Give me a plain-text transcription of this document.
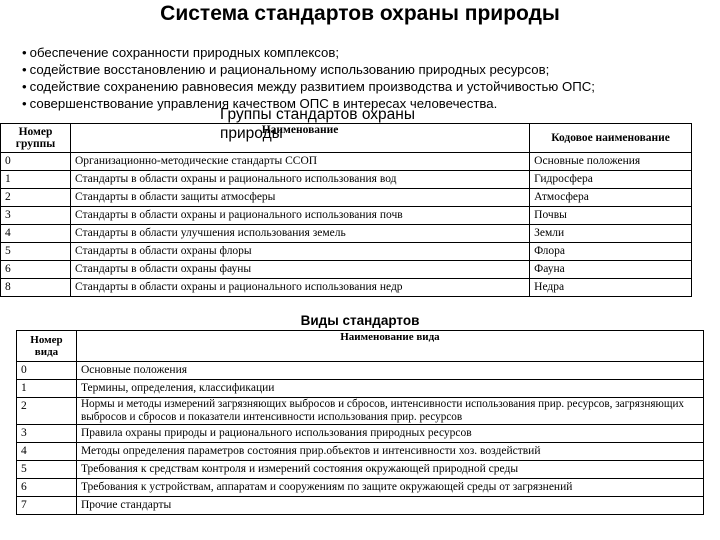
Система стандартов охраны природы
• обеспечение сохранности природных комплексов;
• содействие восстановлению и рациональному использованию природных ресурсов;
• содействие сохранению равновесия между развитием производства и устойчивостью ОПС;
• совершенствование управления качеством ОПС в интересах человечества.
Номер группы	Наименование	Кодовое наименование
0	Организационно-методические стандарты ССОП	Основные положения
1	Стандарты в области охраны и рационального использования вод	Гидросфера
2	Стандарты в области защиты атмосферы	Атмосфера
3	Стандарты в области охраны и рационального использования почв	Почвы
4	Стандарты в области улучшения использования земель	Земли
5	Стандарты в области охраны флоры	Флора
6	Стандарты в области охраны фауны	Фауна
8	Стандарты в области охраны и рационального использования недр	Недра
Группы стандартов охраны природы
Виды стандартов
Номер вида	Наименование вида
0	Основные положения
1	Термины, определения, классификации
2	Нормы и методы измерений загрязняющих выбросов и сбросов, интенсивности использования прир. ресурсов, загрязняющих выбросов и сбросов и показатели интенсивности использования прир. ресурсов
3	Правила охраны природы и рационального использования природных ресурсов
4	Методы определения параметров состояния прир.объектов и интенсивности хоз. воздействий
5	Требования к средствам контроля и измерений состояния окружающей природной среды
6	Требования к устройствам, аппаратам и сооружениям по защите окружающей среды от загрязнений
7	Прочие стандарты
